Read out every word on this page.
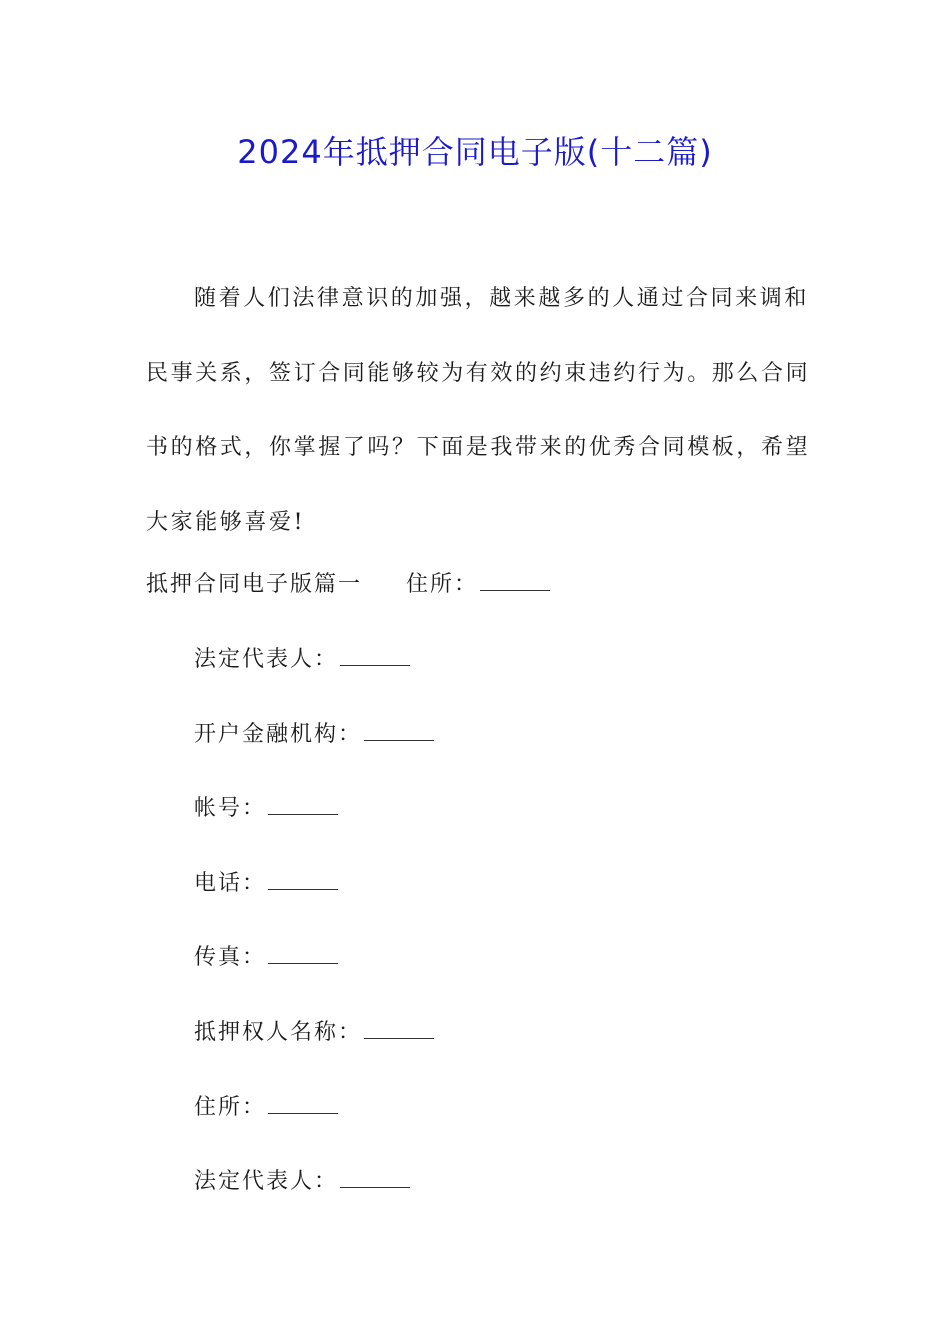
2024年抵押合同电子版(十二篇)
随着人们法律意识的加强，越来越多的人通过合同来调和
民事关系，签订合同能够较为有效的约束违约行为。那么合同
书的格式，你掌握了吗？下面是我带来的优秀合同模板，希望
大家能够喜爱!
抵押合同电子版篇一 住所：
法定代表人：
开户金融机构：
帐号：
电话：
传真：
抵押权人名称：
住所：
法定代表人：
